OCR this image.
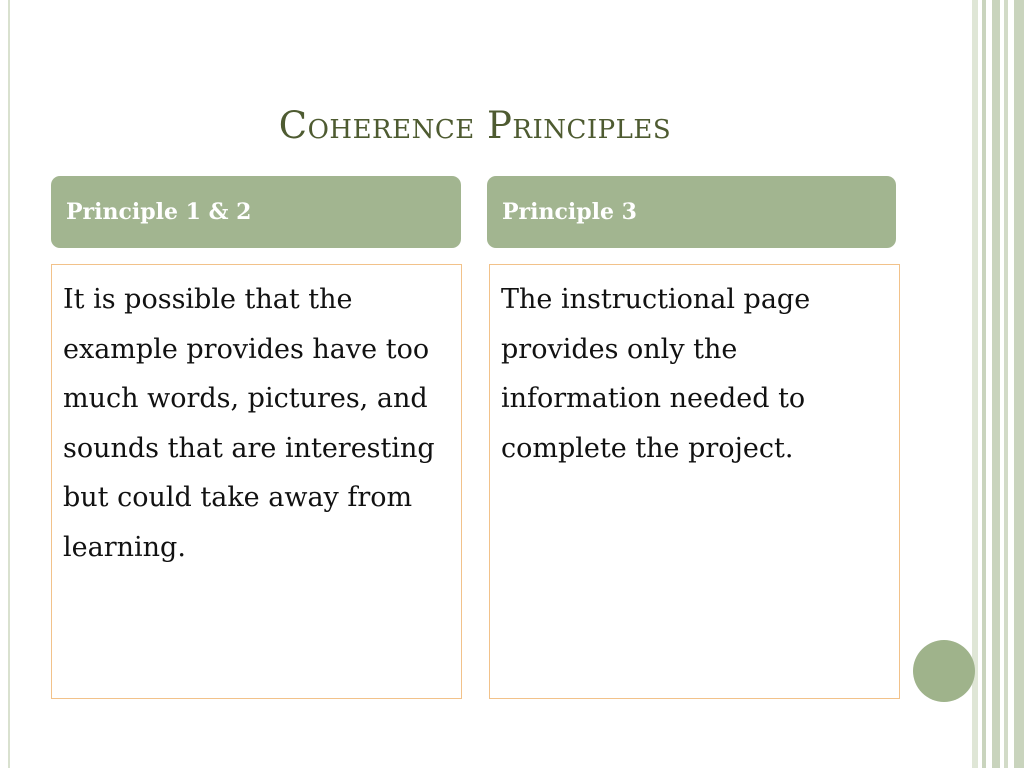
Coherence Principles
Principle 1 & 2	Principle 3
It is possible that the example provides have too much words, pictures, and sounds that are interesting but could take away from learning.
The instructional page provides only the information needed to complete the project.
